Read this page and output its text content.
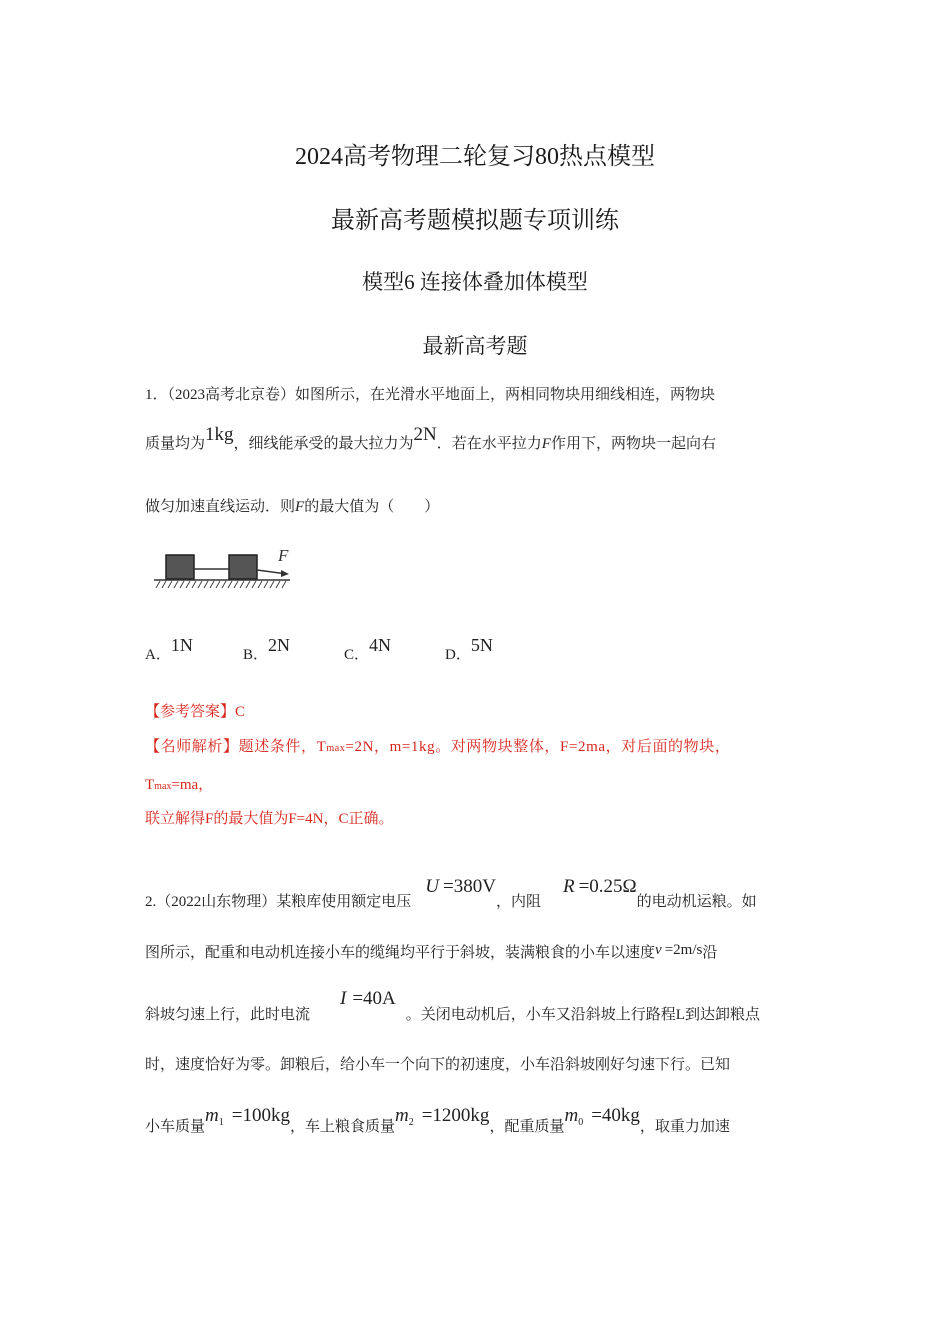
2024高考物理二轮复习80热点模型
最新高考题模拟题专项训练
模型6 连接体叠加体模型
最新高考题
1．（2023高考北京卷）如图所示，在光滑水平地面上，两相同物块用细线相连，两物块
质量均为1kg，细线能承受的最大拉力为2N．若在水平拉力F作用下，两物块一起向右
做匀加速直线运动．则F的最大值为（　　）
F
A．1N	B．2N	C．4N	D．5N
【参考答案】C
【名师解析】题述条件，Tmax=2N，m=1kg。对两物块整体，F=2ma，对后面的物块，
Tmax=ma，
联立解得F的最大值为F=4N，C正确。
2.（2022山东物理）某粮库使用额定电压U =380V，内阻R =0.25Ω的电动机运粮。如
图所示，配重和电动机连接小车的缆绳均平行于斜坡，装满粮食的小车以速度v =2m/s沿
斜坡匀速上行，此时电流I =40A。关闭电动机后，小车又沿斜坡上行路程L到达卸粮点
时，速度恰好为零。卸粮后，给小车一个向下的初速度，小车沿斜坡刚好匀速下行。已知
小车质量$m^1 =100kg$，车上粮食质量$m^2 =1200kg$，配重质量$m^0 =40kg$，取重力加速
